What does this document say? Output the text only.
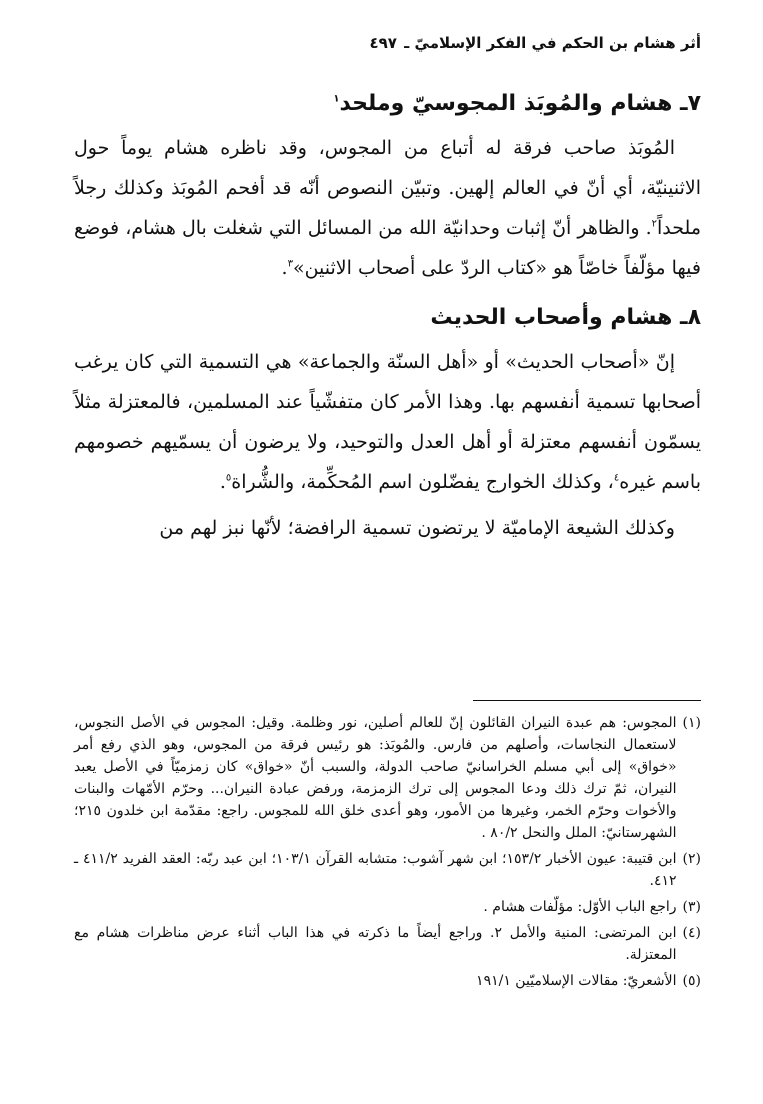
أثر هشام بن الحكم في الفكر الإسلاميّ ـ ٤٩٧
٧ـ هشام والمُوبَذ المجوسيّ وملحد$^١$

المُوبَذ صاحب فرقة له أتباع من المجوس، وقد ناظره هشام يوماً حول الاثنينيّة، أي أنّ في العالم إلهين. وتبيّن النصوص أنّه قد أفحم المُوبَذ وكذلك رجلاً ملحداً$^٢$. والظاهر أنّ إثبات وحدانيّة الله من المسائل التي شغلت بال هشام، فوضع فيها مؤلّفاً خاصّاً هو «كتاب الردّ على أصحاب الاثنين»$^٣$.

٨ـ هشام وأصحاب الحديث

إنّ «أصحاب الحديث» أو «أهل السنّة والجماعة» هي التسمية التي كان يرغب أصحابها تسمية أنفسهم بها. وهذا الأمر كان متفشّياً عند المسلمين، فالمعتزلة مثلاً يسمّون أنفسهم معتزلة أو أهل العدل والتوحيد، ولا يرضون أن يسمّيهم خصومهم باسم غيره$^٤$، وكذلك الخوارج يفضّلون اسم المُحكِّمة، والشُّراة$^٥$.

وكذلك الشيعة الإماميّة لا يرتضون تسمية الرافضة؛ لأنّها نبز لهم من

(١)
المجوس: هم عبدة النيران القائلون إنّ للعالم أصلين، نور وظلمة. وقيل: المجوس في الأصل النجوس، لاستعمال النجاسات، وأصلهم من فارس. والمُوبَذ: هو رئيس فرقة من المجوس، وهو الذي رفع أمر «خواق» إلى أبي مسلم الخراسانيّ صاحب الدولة، والسبب أنّ «خواق» كان زمزميّاً في الأصل يعبد النيران، ثمّ ترك ذلك ودعا المجوس إلى ترك الزمزمة، ورفض عبادة النيران... وحرّم الأمّهات والبنات والأخوات وحرّم الخمر، وغيرها من الأمور، وهو أعدى خلق الله للمجوس. راجع: مقدّمة ابن خلدون ٢١٥؛ الشهرستانيّ: الملل والنحل ٨٠/٢ .
(٢)
ابن قتيبة: عيون الأخبار ١٥٣/٢؛ ابن شهر آشوب: متشابه القرآن ١٠٣/١؛ ابن عبد ربّه: العقد الفريد ٤١١/٢ ـ ٤١٢.
(٣)
راجع الباب الأوّل: مؤلّفات هشام .
(٤)
ابن المرتضى: المنية والأمل ٢. وراجع أيضاً ما ذكرته في هذا الباب أثناء عرض مناظرات هشام مع المعتزلة.
(٥)
الأشعريّ: مقالات الإسلاميّين ١٩١/١
